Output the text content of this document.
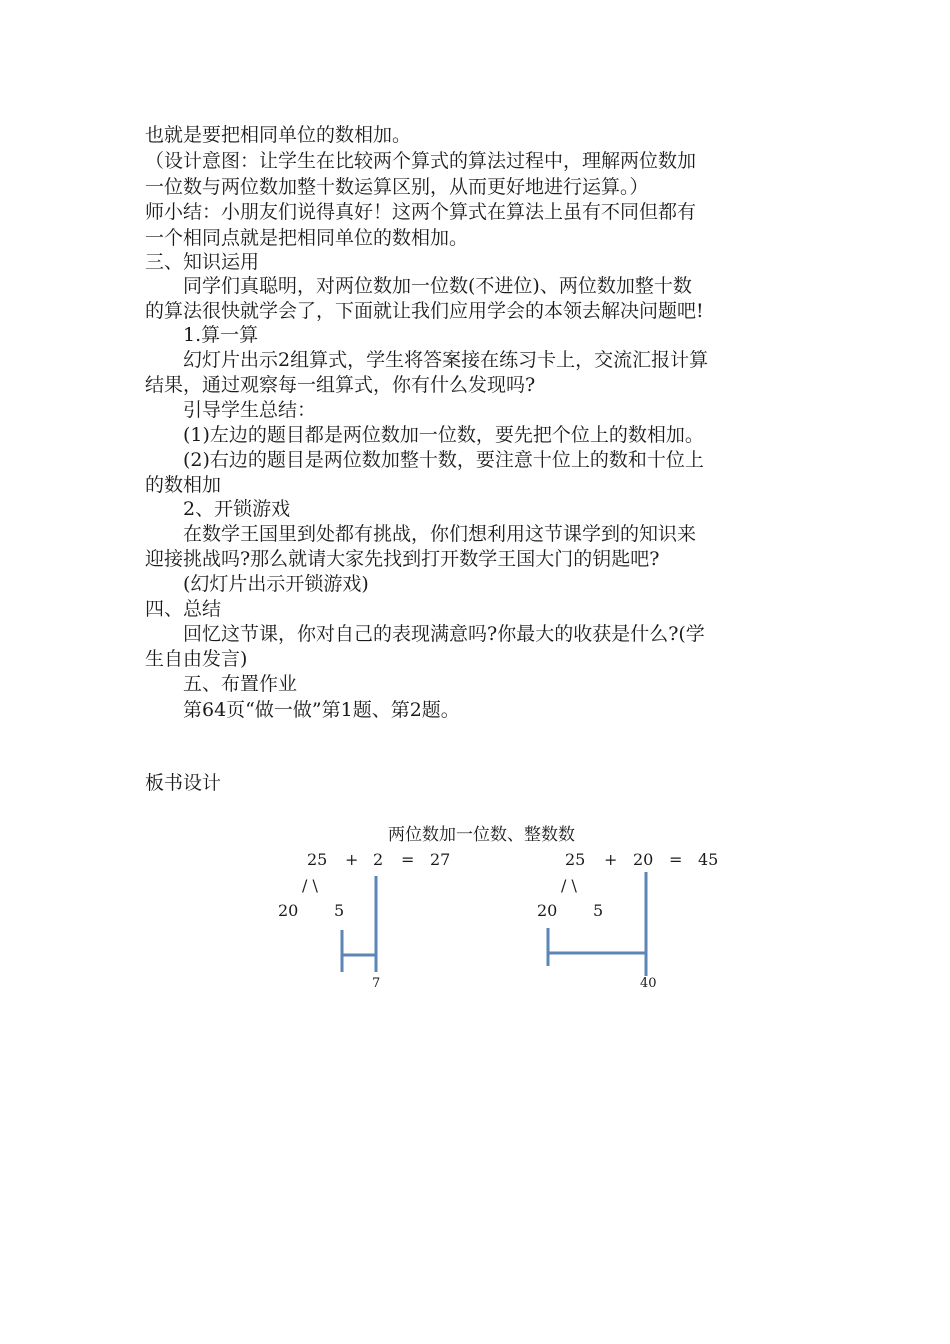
也就是要把相同单位的数相加。
（设计意图：让学生在比较两个算式的算法过程中，理解两位数加
一位数与两位数加整十数运算区别，从而更好地进行运算。）
师小结：小朋友们说得真好！这两个算式在算法上虽有不同但都有
一个相同点就是把相同单位的数相加。
三、知识运用
同学们真聪明，对两位数加一位数(不进位)、两位数加整十数
的算法很快就学会了，下面就让我们应用学会的本领去解决问题吧!
1.算一算
幻灯片出示2组算式，学生将答案接在练习卡上，交流汇报计算
结果，通过观察每一组算式，你有什么发现吗?
引导学生总结：
(1)左边的题目都是两位数加一位数，要先把个位上的数相加。
(2)右边的题目是两位数加整十数，要注意十位上的数和十位上
的数相加
2、开锁游戏
在数学王国里到处都有挑战，你们想利用这节课学到的知识来
迎接挑战吗?那么就请大家先找到打开数学王国大门的钥匙吧?
(幻灯片出示开锁游戏)
四、总结
回忆这节课，你对自己的表现满意吗?你最大的收获是什么?(学
生自由发言)
五、布置作业
第64页“做一做”第1题、第2题。
板书设计
两位数加一位数、整数数
25 + 2 = 27
/ \
20 5
7
25 + 20 = 45
/ \
20 5
40
